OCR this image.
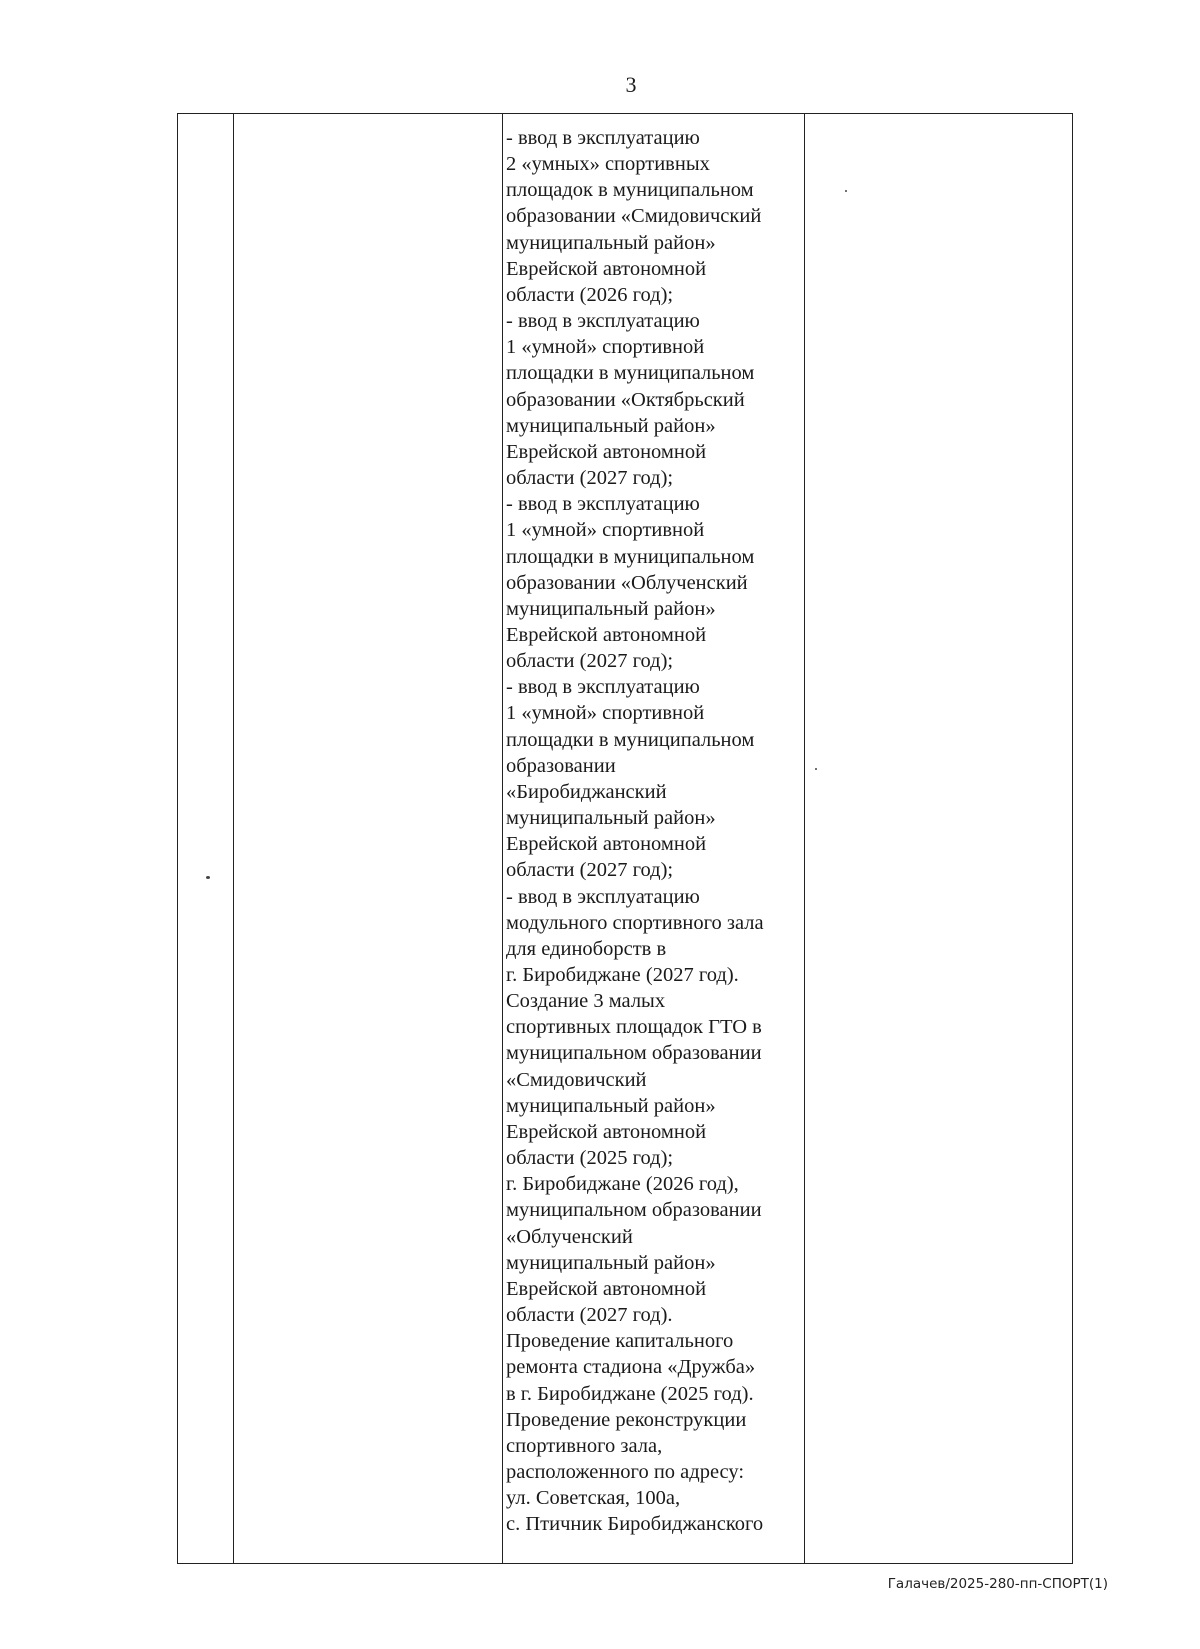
3
- ввод в эксплуатацию
2 «умных» спортивных
площадок в муниципальном
образовании «Смидовичский
муниципальный район»
Еврейской автономной
области (2026 год);
- ввод в эксплуатацию
1 «умной» спортивной
площадки в муниципальном
образовании «Октябрьский
муниципальный район»
Еврейской автономной
области (2027 год);
- ввод в эксплуатацию
1 «умной» спортивной
площадки в муниципальном
образовании «Облученский
муниципальный район»
Еврейской автономной
области (2027 год);
- ввод в эксплуатацию
1 «умной» спортивной
площадки в муниципальном
образовании
«Биробиджанский
муниципальный район»
Еврейской автономной
области (2027 год);
- ввод в эксплуатацию
модульного спортивного зала
для единоборств в
г. Биробиджане (2027 год).
Создание 3 малых
спортивных площадок ГТО в
муниципальном образовании
«Смидовичский
муниципальный район»
Еврейской автономной
области (2025 год);
г. Биробиджане (2026 год),
муниципальном образовании
«Облученский
муниципальный район»
Еврейской автономной
области (2027 год).
Проведение капитального
ремонта стадиона «Дружба»
в г. Биробиджане (2025 год).
Проведение реконструкции
спортивного зала,
расположенного по адресу:
ул. Советская, 100а,
с. Птичник Биробиджанского
Галачев/2025-280-пп-СПОРТ(1)
